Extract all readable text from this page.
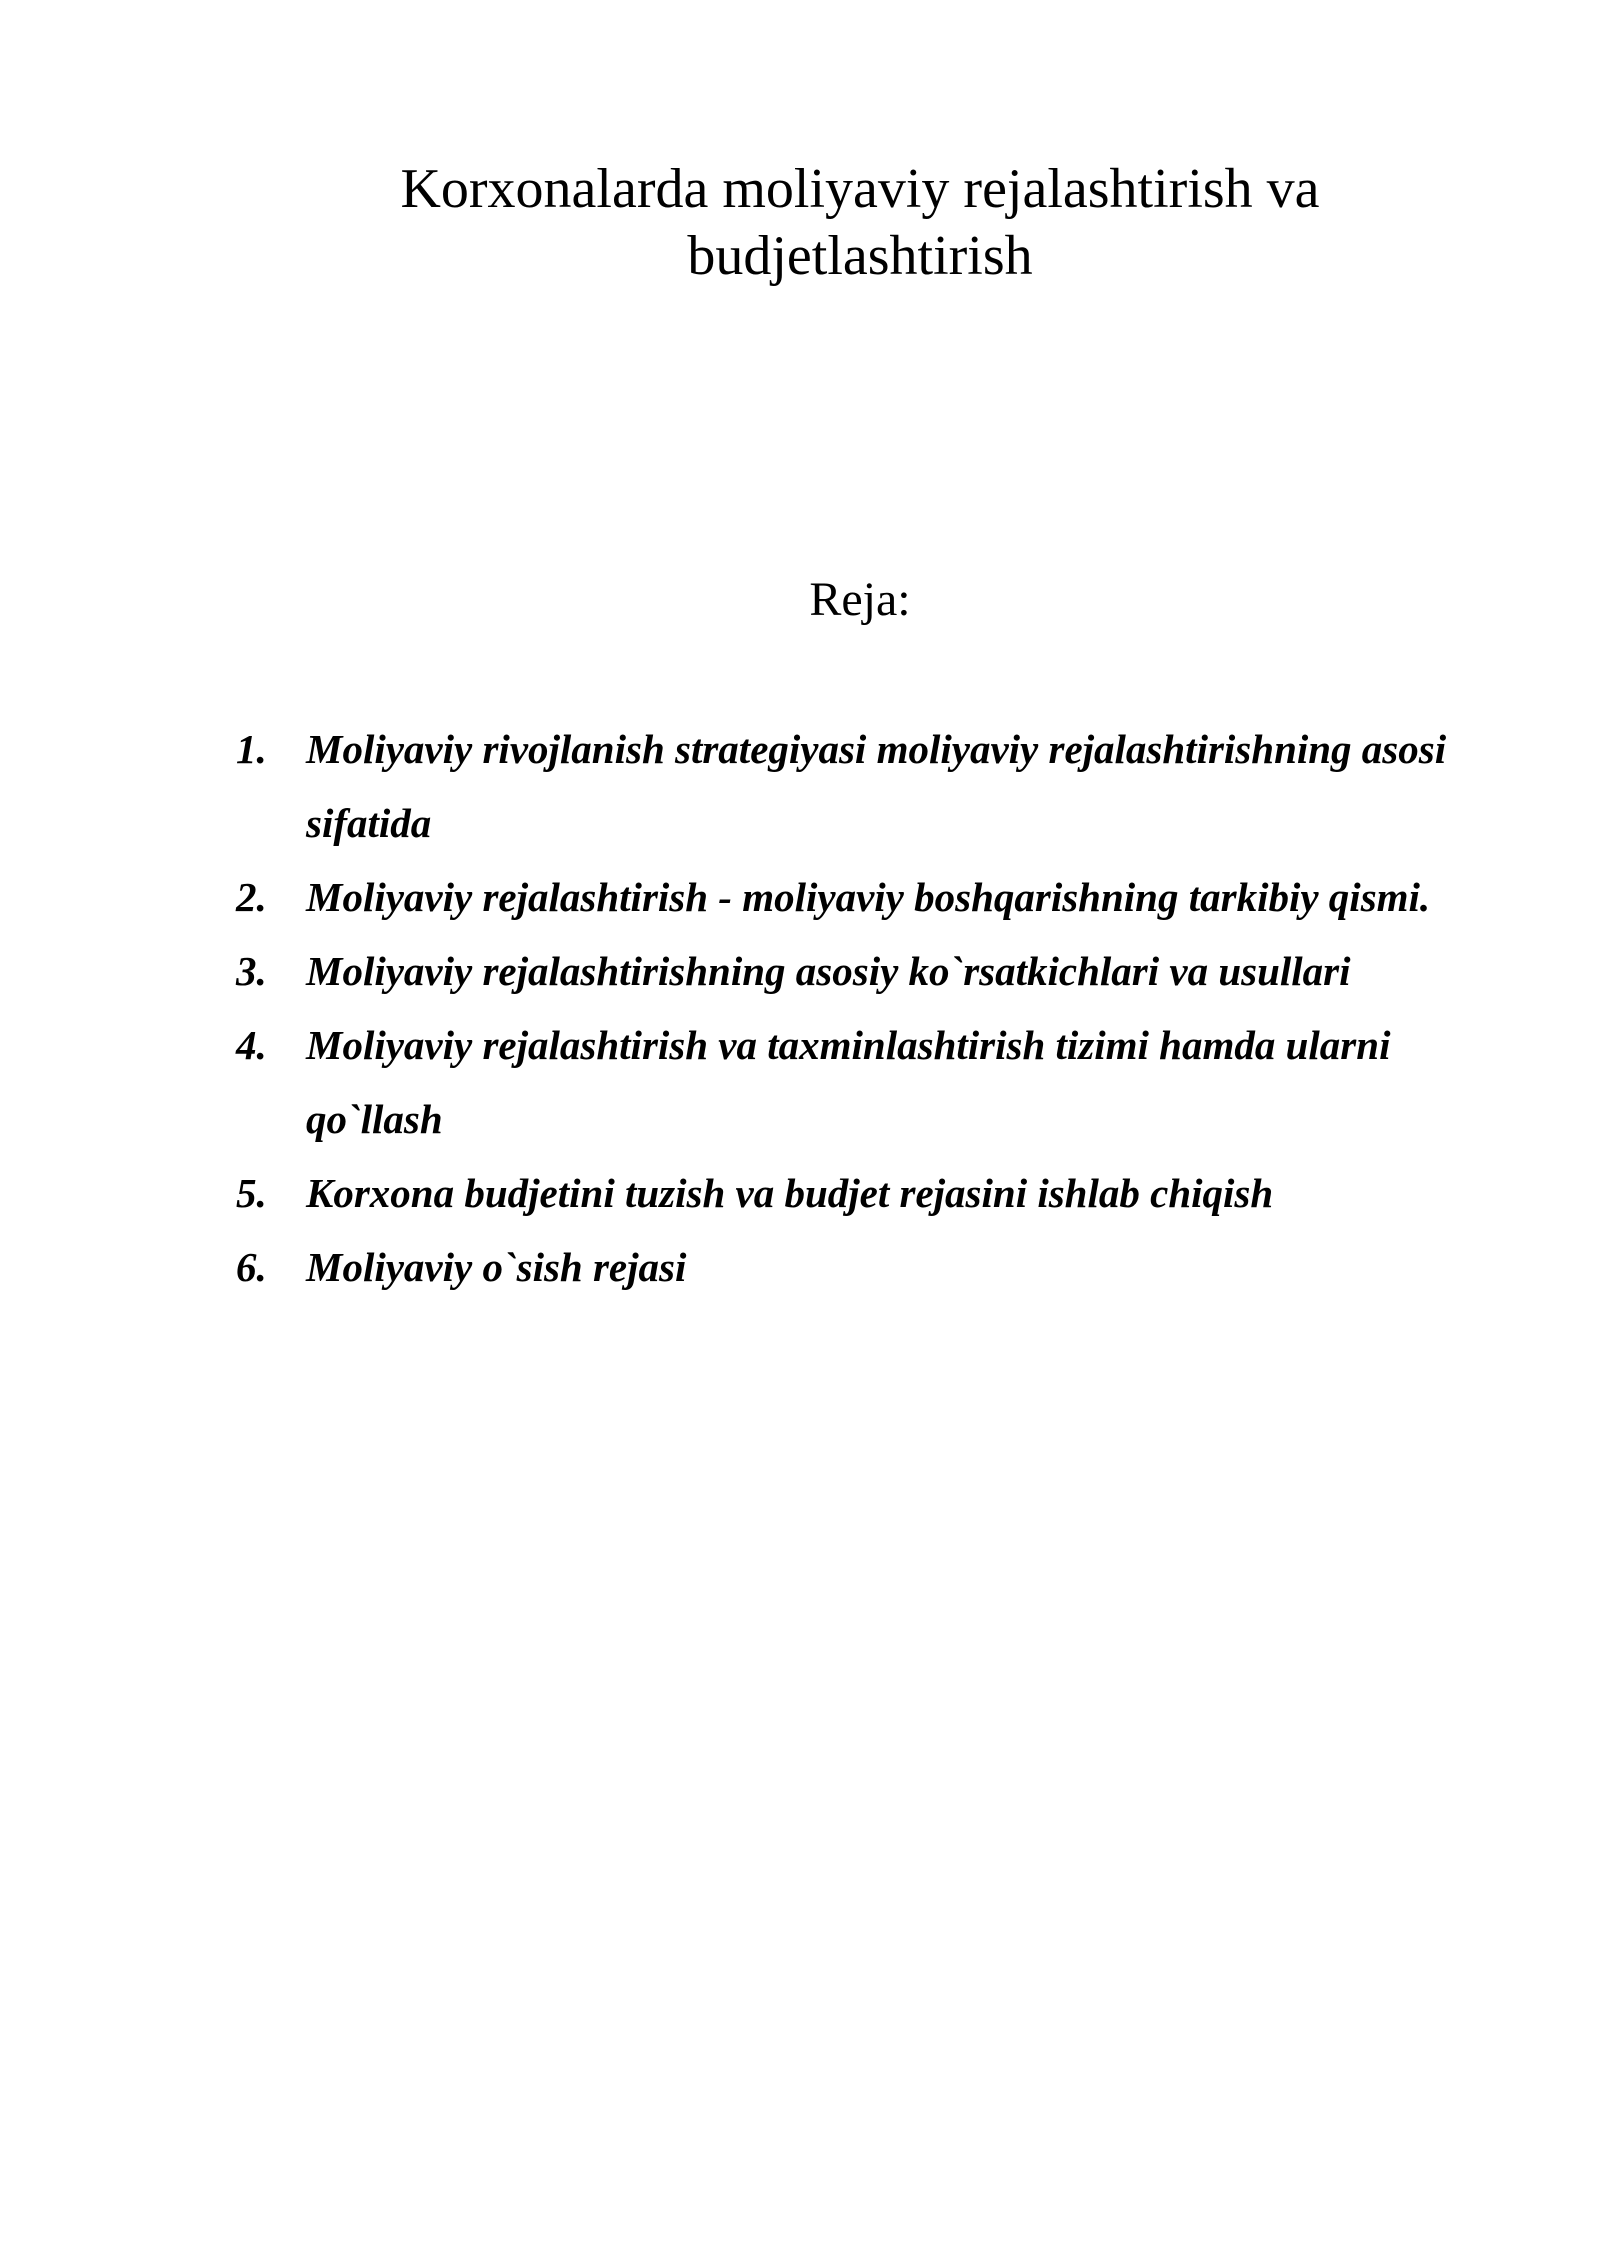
Korxonalarda moliyaviy rejalashtirish va
budjetlashtirish
Reja:
1. Moliyaviy rivojlanish strategiyasi moliyaviy rejalashtirishning asosi sifatida
2. Moliyaviy rejalashtirish - moliyaviy boshqarishning tarkibiy qismi.
3. Moliyaviy rejalashtirishning asosiy ko`rsatkichlari va usullari
4. Moliyaviy rejalashtirish va taxminlashtirish tizimi hamda ularni qo`llash
5. Korxona budjetini tuzish va budjet rejasini ishlab chiqish
6. Moliyaviy o`sish rejasi
